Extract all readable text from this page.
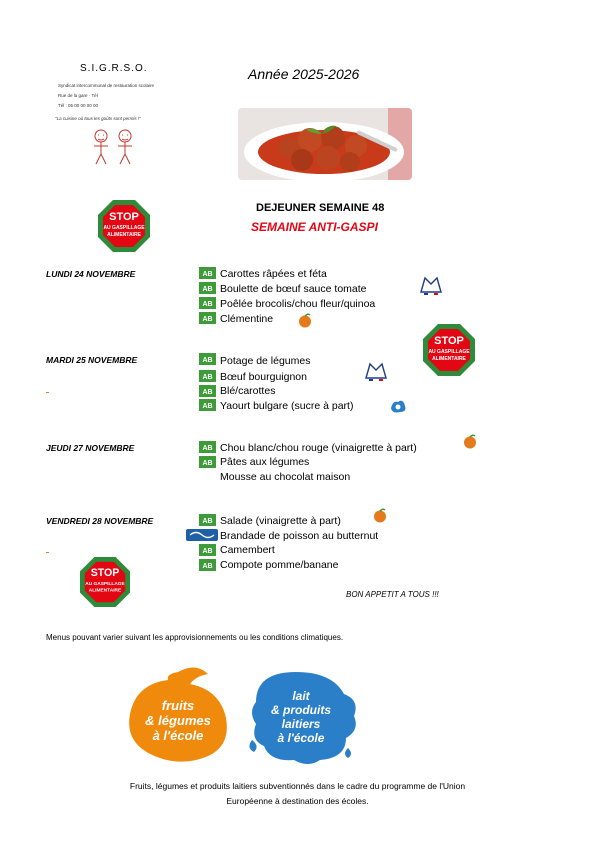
S.I.G.R.S.O.
Syndicat intercommunal de restauration scolaire
Rue de la gare · Tél
Tél : 05 00 00 00 00
"La cuisine où tous les goûts sont permis !"
Année 2025-2026
STOP
AU GASPILLAGE
ALIMENTAIRE
DEJEUNER SEMAINE 48
SEMAINE ANTI-GASPI
LUNDI 24 NOVEMBRE	AB Carottes râpées et féta
AB Boulette de bœuf sauce tomate
AB Poêlée brocolis/chou fleur/quinoa
AB Clémentine
STOP
AU GASPILLAGE
ALIMENTAIRE
MARDI 25 NOVEMBRE	AB Potage de légumes
AB Bœuf bourguignon
AB Blé/carottes
AB Yaourt bulgare (sucre à part)
JEUDI 27 NOVEMBRE	AB Chou blanc/chou rouge (vinaigrette à part)
AB Pâtes aux légumes
Mousse au chocolat maison
VENDREDI 28 NOVEMBRE	AB Salade (vinaigrette à part)
Brandade de poisson au butternut
AB Camembert
AB Compote pomme/banane
STOP
AU GASPILLAGE
ALIMENTAIRE	BON APPETIT A TOUS !!!
Menus pouvant varier suivant les approvisionnements ou les conditions climatiques.
fruits
& légumes
à l'école
lait
& produits
laitiers
à l'école
Fruits, légumes et produits laitiers subventionnés dans le cadre du programme de l'Union
Européenne à destination des écoles.
